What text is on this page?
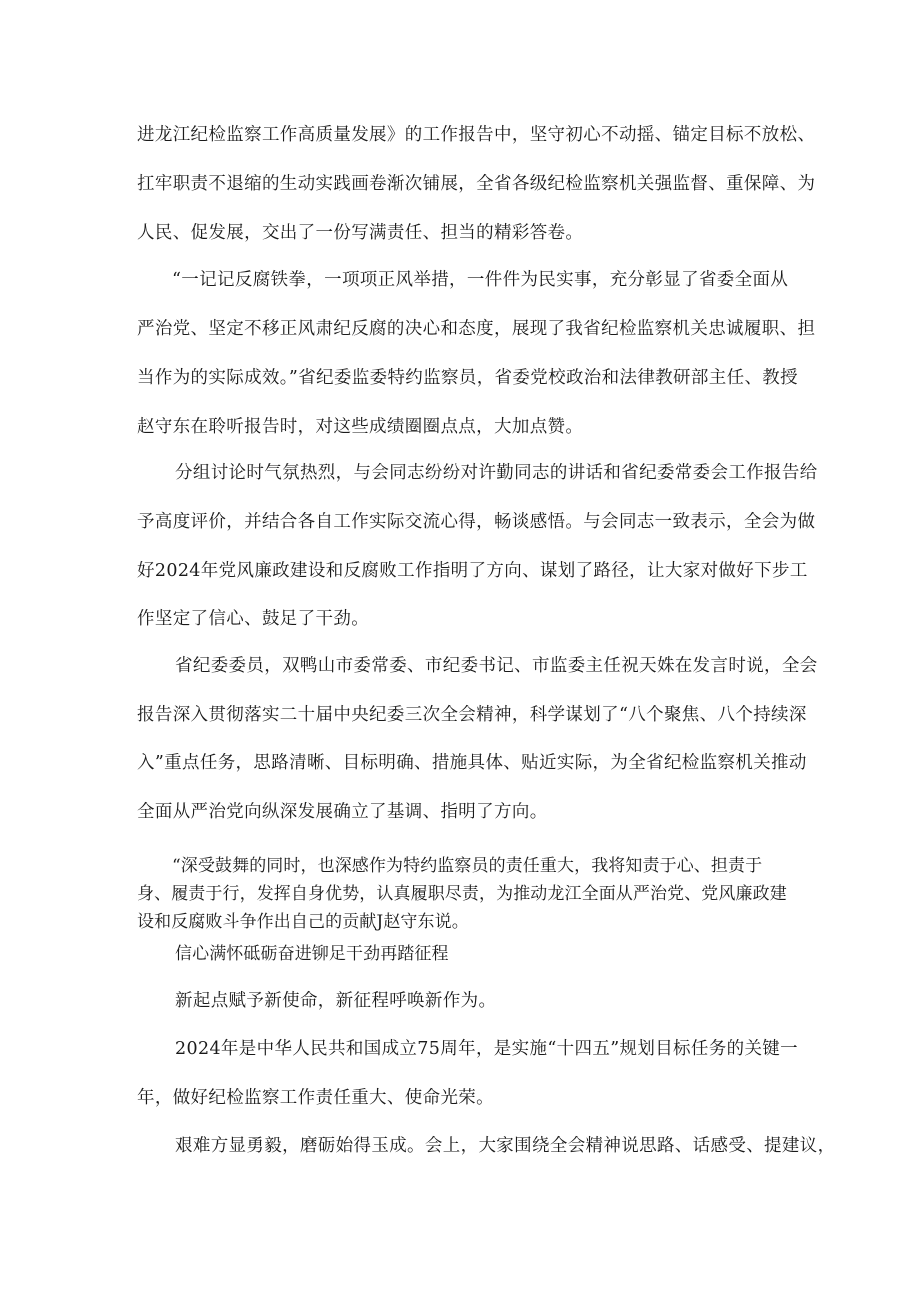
进龙江纪检监察工作高质量发展》的工作报告中，坚守初心不动摇、锚定目标不放松、
扛牢职责不退缩的生动实践画卷渐次铺展，全省各级纪检监察机关强监督、重保障、为
人民、促发展，交出了一份写满责任、担当的精彩答卷。
“一记记反腐铁拳，一项项正风举措，一件件为民实事，充分彰显了省委全面从
严治党、坚定不移正风肃纪反腐的决心和态度，展现了我省纪检监察机关忠诚履职、担
当作为的实际成效。”省纪委监委特约监察员，省委党校政治和法律教研部主任、教授
赵守东在聆听报告时，对这些成绩圈圈点点，大加点赞。
分组讨论时气氛热烈，与会同志纷纷对许勤同志的讲话和省纪委常委会工作报告给
予高度评价，并结合各自工作实际交流心得，畅谈感悟。与会同志一致表示，全会为做
好2024年党风廉政建设和反腐败工作指明了方向、谋划了路径，让大家对做好下步工
作坚定了信心、鼓足了干劲。
省纪委委员，双鸭山市委常委、市纪委书记、市监委主任祝天姝在发言时说，全会
报告深入贯彻落实二十届中央纪委三次全会精神，科学谋划了“八个聚焦、八个持续深
入”重点任务，思路清晰、目标明确、措施具体、贴近实际，为全省纪检监察机关推动
全面从严治党向纵深发展确立了基调、指明了方向。
“深受鼓舞的同时，也深感作为特约监察员的责任重大，我将知责于心、担责于
身、履责于行，发挥自身优势，认真履职尽责，为推动龙江全面从严治党、党风廉政建
设和反腐败斗争作出自己的贡献J赵守东说。
信心满怀砥砺奋进铆足干劲再踏征程
新起点赋予新使命，新征程呼唤新作为。
2024年是中华人民共和国成立75周年，是实施“十四五”规划目标任务的关键一
年，做好纪检监察工作责任重大、使命光荣。
艰难方显勇毅，磨砺始得玉成。会上，大家围绕全会精神说思路、话感受、提建议，
